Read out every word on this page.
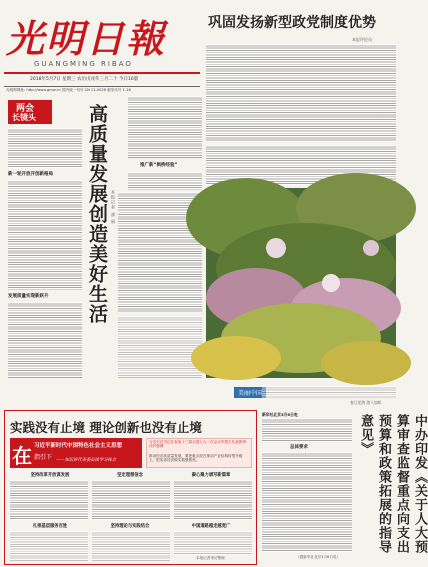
光明日報
GUANGMING RIBAO
2018年5月7日 星期三 农历戊戌年三月二十 今日16版
光明网网址: http://www.gmw.cn 国内统一刊号 CN 11-0026 邮发代号 1-16
巩固发扬新型政党制度优势
本报评论员
两会
长镜头
新一轮开放开创新格局
发展质量实现新跃升 高质量发展创造美好生活 本报记者 潘 娟
推广新“枫桥经验”
美丽中国
春日花海 游人如织
实践没有止境 理论创新也没有止境
在 习近平新时代中国特色社会主义思想
指引下 ——知识界代表委员谈学习体会
习近平总书记在参加十三届全国人大一次会议内蒙古代表团审议时强调
推动经济高质量发展，要把重点放在推动产业结构转型升级上，把实体经济做实做强做优。
坚持改革开放谋发展	坚定理想信念	凝心聚力谱写新篇章
扎根基层服务百姓	坚持理论与实践结合	中国道路越走越宽广
本报记者采访整理
新华社北京3月6日电	中办印发《关于人大预算审查监督重点向支出预算和政策拓展的指导意见》
总体要求
（据新华社北京3月6日电）
